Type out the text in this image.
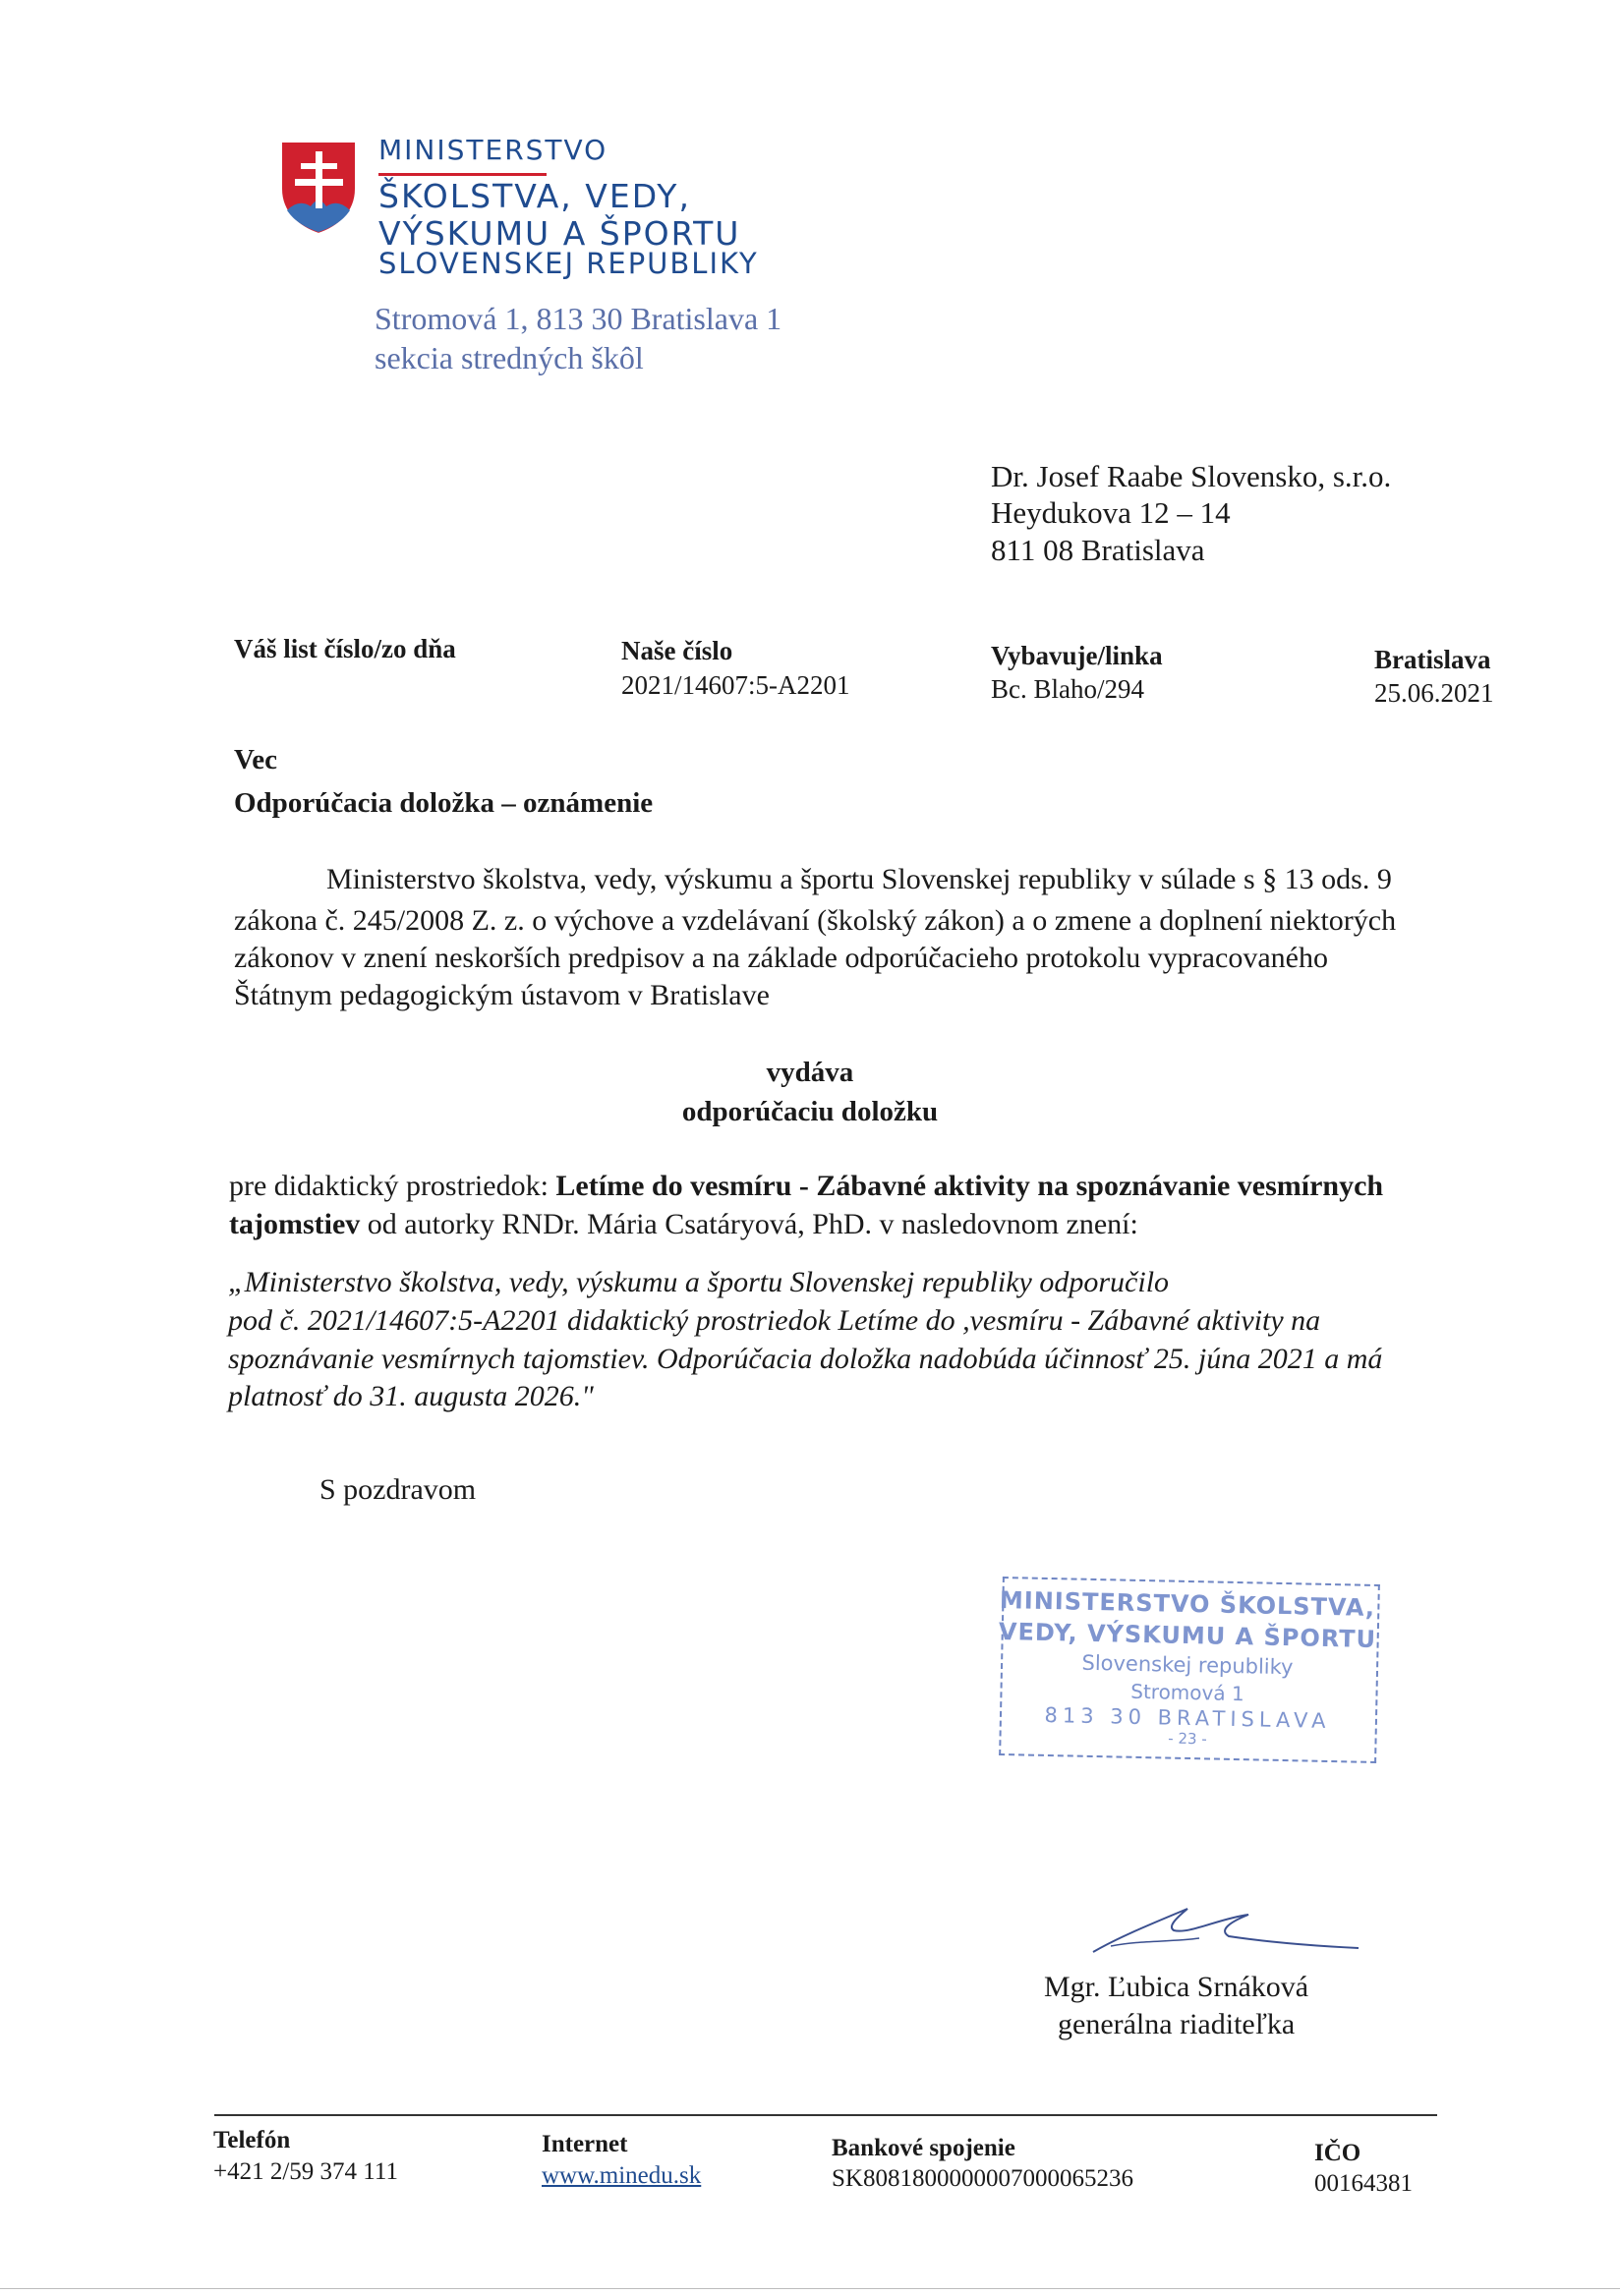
MINISTERSTVO
ŠKOLSTVA, VEDY,
VÝSKUMU A ŠPORTU
SLOVENSKEJ REPUBLIKY
Stromová 1, 813 30 Bratislava 1
sekcia stredných škôl
Dr. Josef Raabe Slovensko, s.r.o.
Heydukova 12 – 14
811 08 Bratislava
Váš list číslo/zo dňa	Naše číslo
2021/14607:5-A2201
Vybavuje/linka
Bc. Blaho/294
Bratislava
25.06.2021
Vec
Odporúčacia doložka – oznámenie
Ministerstvo školstva, vedy, výskumu a športu Slovenskej republiky v súlade s § 13 ods. 9
zákona č. 245/2008 Z. z. o výchove a vzdelávaní (školský zákon) a o zmene a doplnení niektorých
zákonov v znení neskorších predpisov a na základe odporúčacieho protokolu vypracovaného
Štátnym pedagogickým ústavom v Bratislave
vydáva
odporúčaciu doložku
pre didaktický prostriedok: Letíme do vesmíru - Zábavné aktivity na spoznávanie vesmírnych
tajomstiev od autorky RNDr. Mária Csatáryová, PhD. v nasledovnom znení:
„Ministerstvo školstva, vedy, výskumu a športu Slovenskej republiky odporučilo
pod č. 2021/14607:5-A2201 didaktický prostriedok Letíme do ,vesmíru - Zábavné aktivity na
spoznávanie vesmírnych tajomstiev. Odporúčacia doložka nadobúda účinnosť 25. júna 2021 a má
platnosť do 31. augusta 2026."
S pozdravom
MINISTERSTVO ŠKOLSTVA,
VEDY, VÝSKUMU A ŠPORTU
Slovenskej republiky
Stromová 1
813 30 BRATISLAVA
- 23 -
Mgr. Ľubica Srnáková
generálna riaditeľka
Telefón
+421 2/59 374 111
Internet
www.minedu.sk
Bankové spojenie
SK8081800000007000065236
IČO
00164381
